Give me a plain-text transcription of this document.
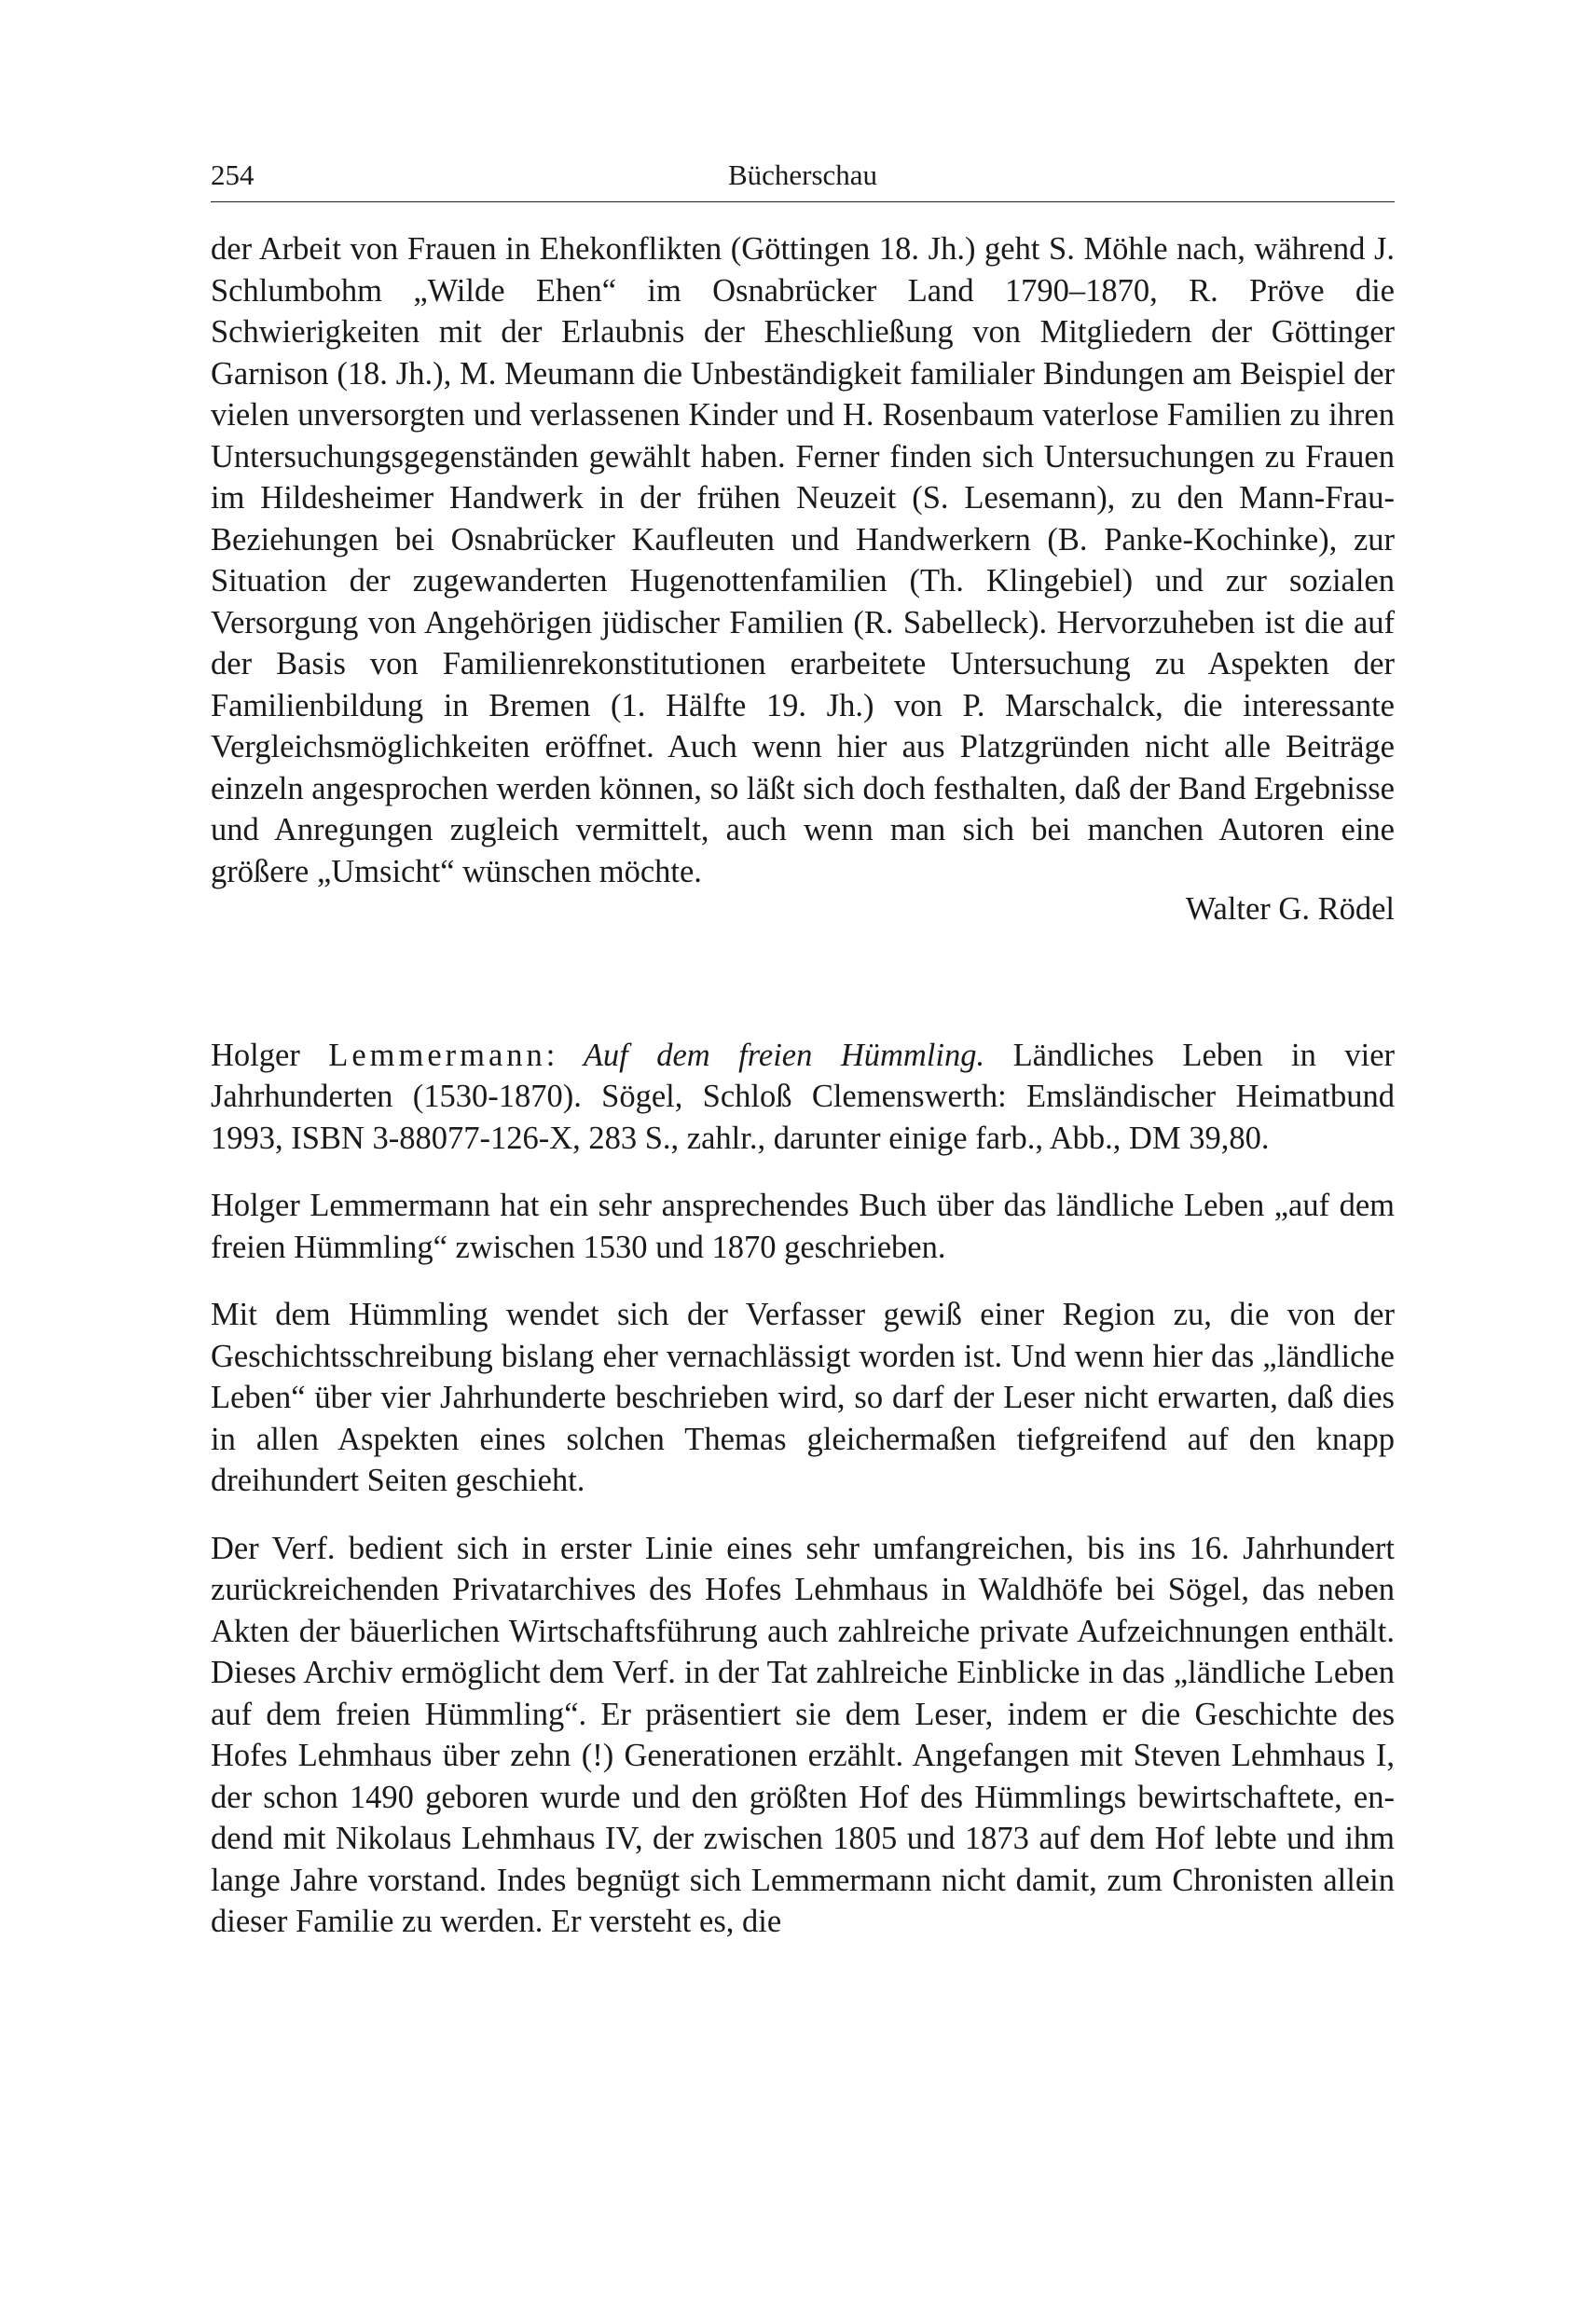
254	Bücherschau

der Arbeit von Frauen in Ehekonflikten (Göttingen 18. Jh.) geht S. Möhle nach, während J. Schlumbohm „Wilde Ehen“ im Osnabrücker Land 1790–1870, R. Pröve die Schwierigkeiten mit der Erlaubnis der Eheschließung von Mitgliedern der Göttinger Garnison (18. Jh.), M. Meumann die Unbeständigkeit familialer Bindungen am Beispiel der vielen unversorgten und verlassenen Kinder und H. Rosenbaum vaterlose Familien zu ihren Untersuchungsgegenständen gewählt haben. Ferner finden sich Untersuchungen zu Frauen im Hildesheimer Handwerk in der frühen Neuzeit (S. Lesemann), zu den Mann-Frau-Beziehungen bei Osnabrücker Kaufleuten und Handwerkern (B. Panke-Kochinke), zur Situation der zugewanderten Hugenottenfamilien (Th. Klingebiel) und zur sozialen Versorgung von Angehörigen jüdischer Familien (R. Sabelleck). Hervorzuheben ist die auf der Basis von Familienrekonstitutionen erarbeitete Untersuchung zu Aspekten der Familienbildung in Bremen (1. Hälfte 19. Jh.) von P. Marschalck, die interessante Vergleichsmöglichkeiten eröffnet. Auch wenn hier aus Platzgründen nicht alle Beiträge einzeln angesprochen werden können, so läßt sich doch festhalten, daß der Band Ergebnisse und Anregungen zugleich vermittelt, auch wenn man sich bei manchen Autoren eine größere „Umsicht“ wünschen möchte.

Walter G. Rödel

Holger Lemmermann: Auf dem freien Hümmling. Ländliches Leben in vier Jahrhunderten (1530-1870). Sögel, Schloß Clemenswerth: Emsländischer Heimatbund 1993, ISBN 3-88077-126-X, 283 S., zahlr., darunter einige farb., Abb., DM 39,80.

Holger Lemmermann hat ein sehr ansprechendes Buch über das ländliche Leben „auf dem freien Hümmling“ zwischen 1530 und 1870 geschrieben.

Mit dem Hümmling wendet sich der Verfasser gewiß einer Region zu, die von der Geschichtsschreibung bislang eher vernachlässigt worden ist. Und wenn hier das „ländliche Leben“ über vier Jahrhunderte beschrieben wird, so darf der Leser nicht erwarten, daß dies in allen Aspekten eines solchen Themas gleichermaßen tiefgreifend auf den knapp dreihundert Seiten geschieht.

Der Verf. bedient sich in erster Linie eines sehr umfangreichen, bis ins 16. Jahrhundert zurückreichenden Privatarchives des Hofes Lehmhaus in Waldhöfe bei Sögel, das neben Akten der bäuerlichen Wirtschaftsführung auch zahlreiche private Aufzeichnungen enthält. Dieses Archiv ermöglicht dem Verf. in der Tat zahlreiche Einblicke in das „ländliche Leben auf dem freien Hümmling“. Er präsentiert sie dem Leser, indem er die Geschichte des Hofes Lehmhaus über zehn (!) Generationen erzählt. Angefangen mit Steven Lehmhaus I, der schon 1490 geboren wurde und den größten Hof des Hümmlings bewirtschaftete, endend mit Nikolaus Lehmhaus IV, der zwischen 1805 und 1873 auf dem Hof lebte und ihm lange Jahre vorstand. Indes begnügt sich Lemmermann nicht damit, zum Chronisten allein dieser Familie zu werden. Er versteht es, die
